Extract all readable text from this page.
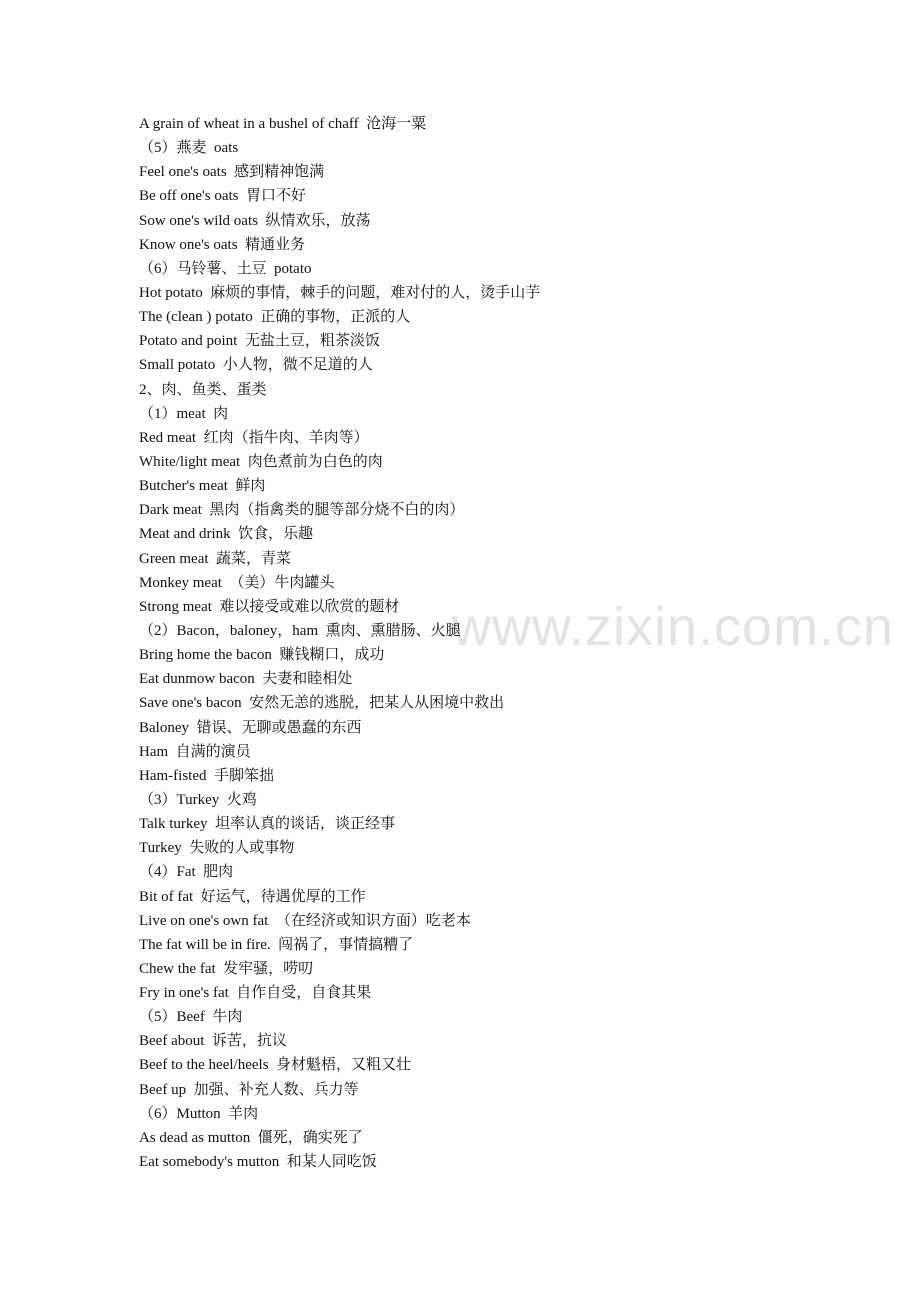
www.zixin.com.cn
A grain of wheat in a bushel of chaff  沧海一粟
（5）燕麦  oats
Feel one's oats  感到精神饱满
Be off one's oats  胃口不好
Sow one's wild oats  纵情欢乐，放荡
Know one's oats  精通业务
（6）马铃薯、土豆  potato
Hot potato  麻烦的事情，棘手的问题，难对付的人，烫手山芋
The (clean ) potato  正确的事物，正派的人
Potato and point  无盐土豆，粗茶淡饭
Small potato  小人物，微不足道的人
2、肉、鱼类、蛋类
（1）meat  肉
Red meat  红肉（指牛肉、羊肉等）
White/light meat  肉色煮前为白色的肉
Butcher's meat  鲜肉
Dark meat  黑肉（指禽类的腿等部分烧不白的肉）
Meat and drink  饮食，乐趣
Green meat  蔬菜，青菜
Monkey meat  （美）牛肉罐头
Strong meat  难以接受或难以欣赏的题材
（2）Bacon，baloney，ham  熏肉、熏腊肠、火腿
Bring home the bacon  赚钱糊口，成功
Eat dunmow bacon  夫妻和睦相处
Save one's bacon  安然无恙的逃脱，把某人从困境中救出
Baloney  错误、无聊或愚蠢的东西
Ham  自满的演员
Ham-fisted  手脚笨拙
（3）Turkey  火鸡
Talk turkey  坦率认真的谈话，谈正经事
Turkey  失败的人或事物
（4）Fat  肥肉
Bit of fat  好运气，待遇优厚的工作
Live on one's own fat  （在经济或知识方面）吃老本
The fat will be in fire.  闯祸了，事情搞糟了
Chew the fat  发牢骚，唠叨
Fry in one's fat  自作自受，自食其果
（5）Beef  牛肉
Beef about  诉苦，抗议
Beef to the heel/heels  身材魁梧，又粗又壮
Beef up  加强、补充人数、兵力等
（6）Mutton  羊肉
As dead as mutton  僵死，确实死了
Eat somebody's mutton  和某人同吃饭
